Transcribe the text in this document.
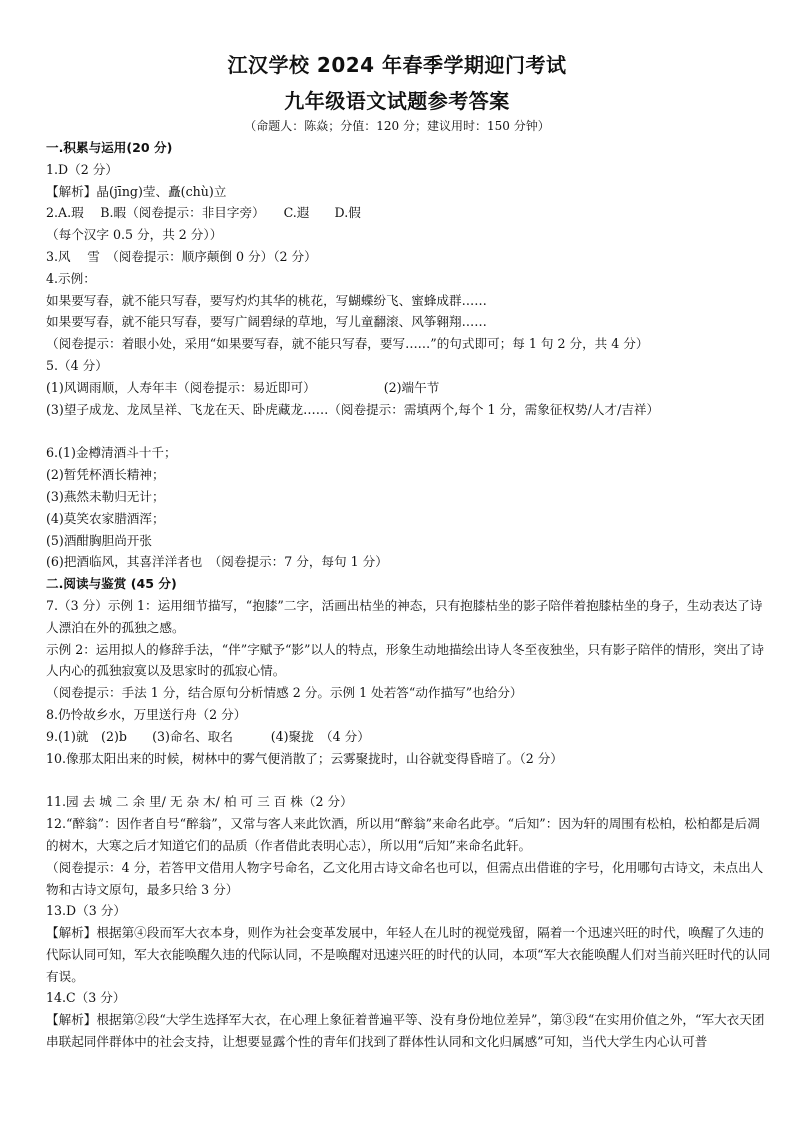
江汉学校 2024 年春季学期迎门考试
九年级语文试题参考答案
（命题人：陈焱；分值：120 分；建议用时：150 分钟）
一.积累与运用(20 分)
1.D（2 分）
【解析】晶(jīng)莹、矗(chù)立
2.A.瑕　 B.暇（阅卷提示：非目字旁）　　C.遐　　D.假
（每个汉字 0.5 分，共 2 分））
3.风　 雪　（阅卷提示：顺序颠倒 0 分）（2 分）
4.示例：
如果要写春，就不能只写春，要写灼灼其华的桃花，写蝴蝶纷飞、蜜蜂成群……
如果要写春，就不能只写春，要写广阔碧绿的草地，写儿童翻滚、风筝翱翔……
（阅卷提示：着眼小处，采用“如果要写春，就不能只写春，要写……”的句式即可；每 1 句 2 分，共 4 分）
5.（4 分）
(1)风调雨顺，人寿年丰（阅卷提示：易近即可）	(2)端午节
(3)望子成龙、龙凤呈祥、飞龙在天、卧虎藏龙……（阅卷提示：需填两个,每个 1 分，需象征权势/人才/吉祥）
6.(1)金樽清酒斗十千；
(2)暂凭杯酒长精神；
(3)燕然未勒归无计；
(4)莫笑农家腊酒浑；
(5)酒酣胸胆尚开张
(6)把酒临风，其喜洋洋者也　（阅卷提示：7 分，每句 1 分）
二.阅读与鉴赏 (45 分)
7.（3 分）示例 1：运用细节描写，“抱膝”二字，活画出枯坐的神态，只有抱膝枯坐的影子陪伴着抱膝枯坐的身子，生动表达了诗人漂泊在外的孤独之感。
示例 2：运用拟人的修辞手法，“伴”字赋予“影”以人的特点，形象生动地描绘出诗人冬至夜独坐，只有影子陪伴的情形，突出了诗人内心的孤独寂寞以及思家时的孤寂心情。
（阅卷提示：手法 1 分，结合原句分析情感 2 分。示例 1 处若答“动作描写”也给分）
8.仍怜故乡水，万里送行舟（2 分）
9.(1)就　(2)b　　(3)命名、取名　　　(4)聚拢　（4 分）
10.像那太阳出来的时候，树林中的雾气便消散了；云雾聚拢时，山谷就变得昏暗了。（2 分）
11.园 去 城 二 余 里/ 无 杂 木/ 柏 可 三 百 株（2 分）
12.“醉翁”：因作者自号“醉翁”，又常与客人来此饮酒，所以用“醉翁”来命名此亭。“后知”：因为轩的周围有松柏，松柏都是后凋的树木，大寒之后才知道它们的品质（作者借此表明心志），所以用“后知”来命名此轩。
（阅卷提示：4 分，若答甲文借用人物字号命名，乙文化用古诗文命名也可以，但需点出借谁的字号，化用哪句古诗文，未点出人物和古诗文原句，最多只给 3 分）
13.D（3 分）
【解析】根据第④段而军大衣本身，则作为社会变革发展中，年轻人在儿时的视觉残留，隔着一个迅速兴旺的时代，唤醒了久违的代际认同可知，军大衣能唤醒久违的代际认同，不是唤醒对迅速兴旺的时代的认同，本项“军大衣能唤醒人们对当前兴旺时代的认同有误。
14.C（3 分）
【解析】根据第②段“大学生选择军大衣，在心理上象征着普遍平等、没有身份地位差异”，第③段“在实用价值之外，“军大衣天团串联起同伴群体中的社会支持，让想要显露个性的青年们找到了群体性认同和文化归属感”可知，当代大学生内心认可普
